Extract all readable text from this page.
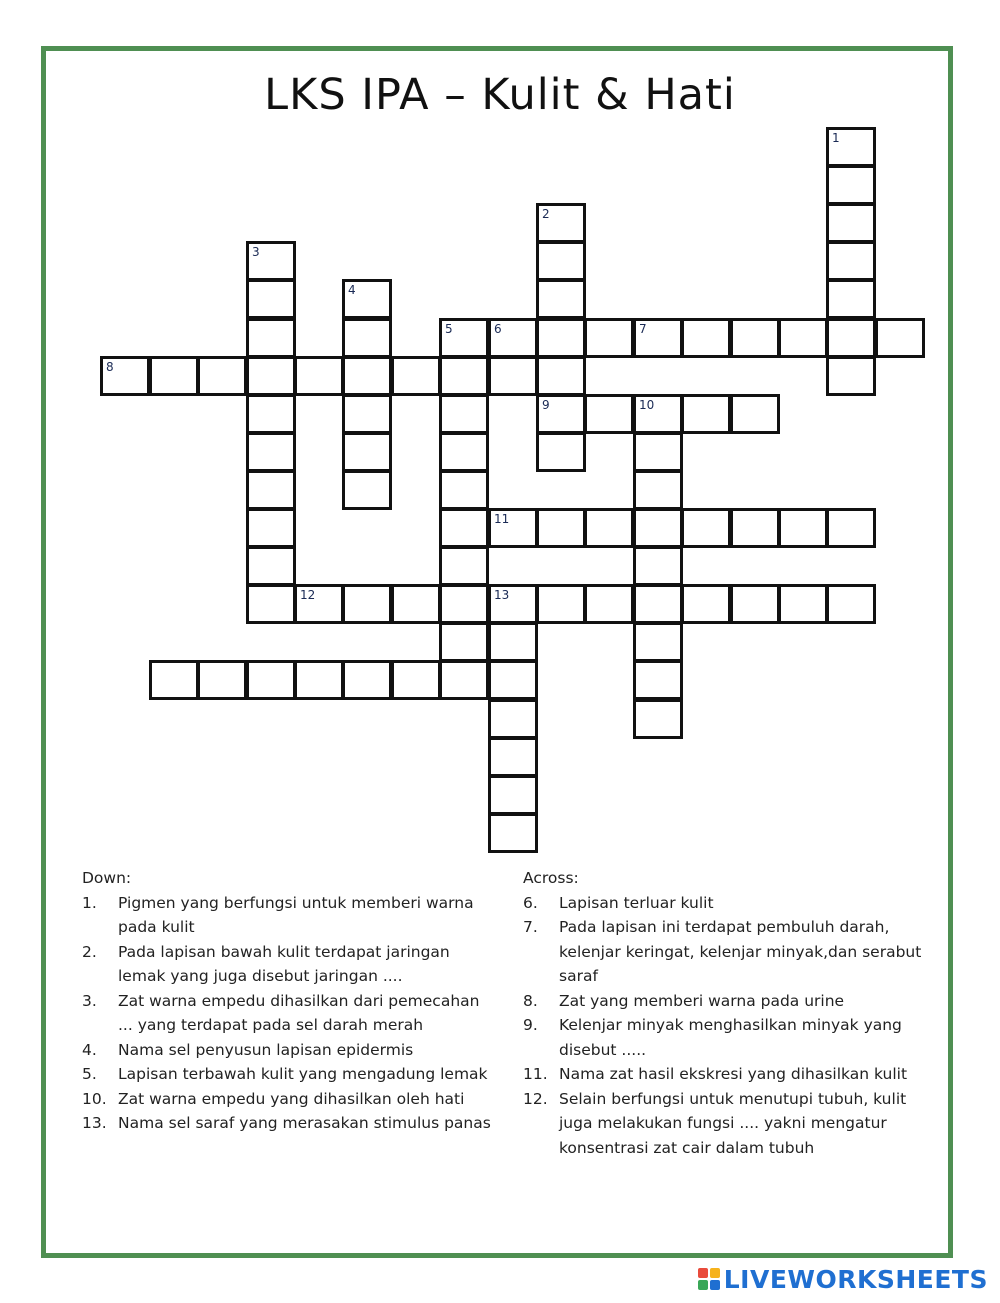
LKS IPA – Kulit & Hati
1
2
9
3
4
5	6	7
8
10
11
12	13
Down:
1.	Pigmen yang berfungsi untuk memberi warna pada kulit
2.	Pada lapisan bawah kulit terdapat jaringan lemak yang juga disebut jaringan ....
3.	Zat warna empedu dihasilkan dari pemecahan ... yang terdapat pada sel darah merah
4.	Nama sel penyusun lapisan epidermis
5.	Lapisan terbawah kulit yang mengadung lemak
10. Zat warna empedu yang dihasilkan oleh hati
13. Nama sel saraf yang merasakan stimulus panas
Across:
6.	Lapisan terluar kulit
7.	Pada lapisan ini terdapat pembuluh darah, kelenjar keringat, kelenjar minyak,dan serabut saraf
8.	Zat yang memberi warna pada urine
9.	Kelenjar minyak menghasilkan minyak yang disebut .....
11. Nama zat hasil ekskresi yang dihasilkan kulit
12. Selain berfungsi untuk menutupi tubuh, kulit juga melakukan fungsi .... yakni mengatur konsentrasi zat cair dalam tubuh
LIVEWORKSHEETS
